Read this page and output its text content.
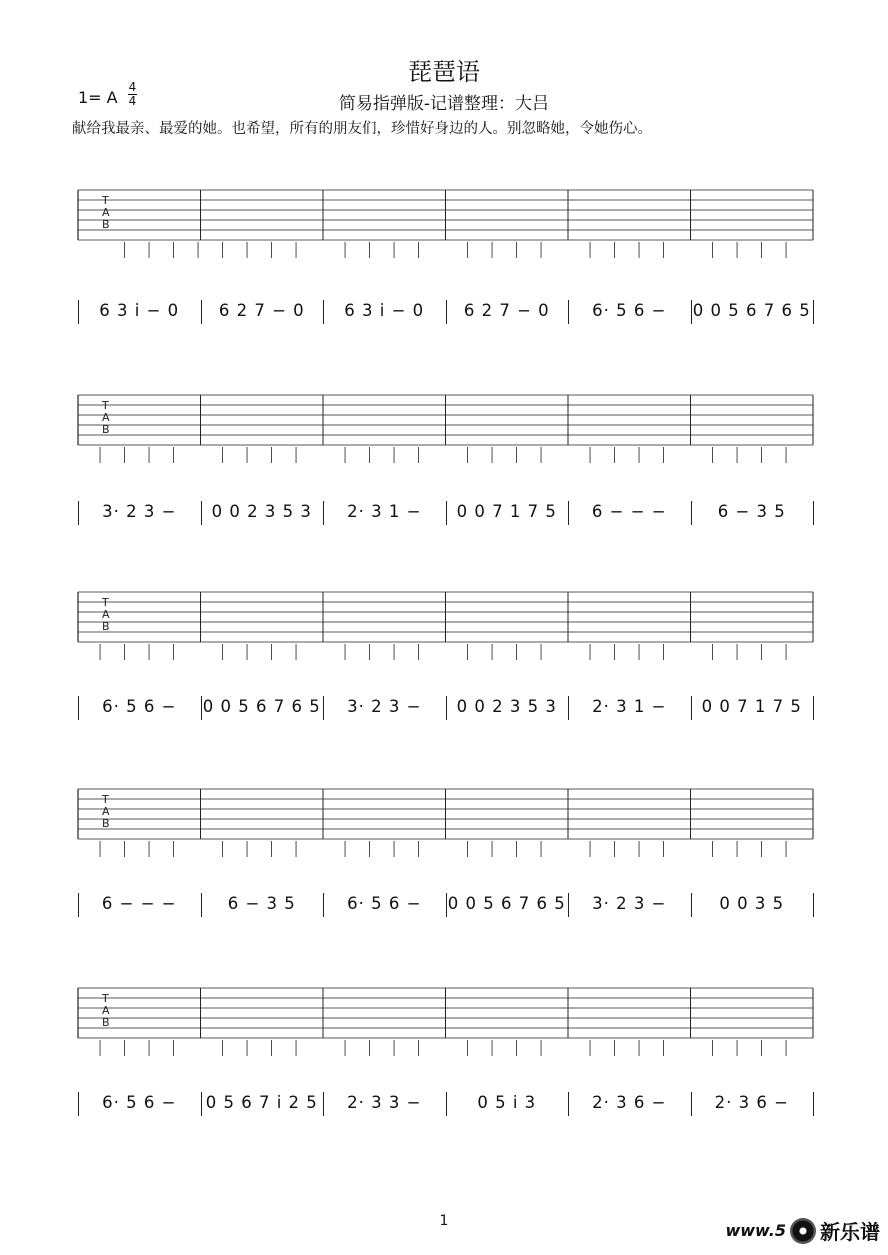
琵琶语
1= A
4
4	简易指弹版-记谱整理：大吕
献给我最亲、最爱的她。也希望，所有的朋友们，珍惜好身边的人。别忽略她，令她伤心。
T
A
B
6 3 i̇ − 0	6 2 7 − 0	6 3 i̇ − 0	6 2 7 − 0	6· 5 6 −	0 0 5 6 7 6 5
T
A
B
3· 2 3 −	0 0 2 3 5 3	2· 3 1 −	0 0 7 1 7 5	6 − − −	6 − 3 5
T
A
B
6· 5 6 −	0 0 5 6 7 6 5	3· 2 3 −	0 0 2 3 5 3	2· 3 1 −	0 0 7 1 7 5
T
A
B
6 − − −	6 − 3 5	6· 5 6 −	0 0 5 6 7 6 5	3· 2 3 −	0 0 3 5
T
A
B
6· 5 6 −	0 5 6 7 i 2 5	2· 3 3 −	0 5 i 3	2· 3 6 −	2· 3 6 −
1	www.5 新乐谱
